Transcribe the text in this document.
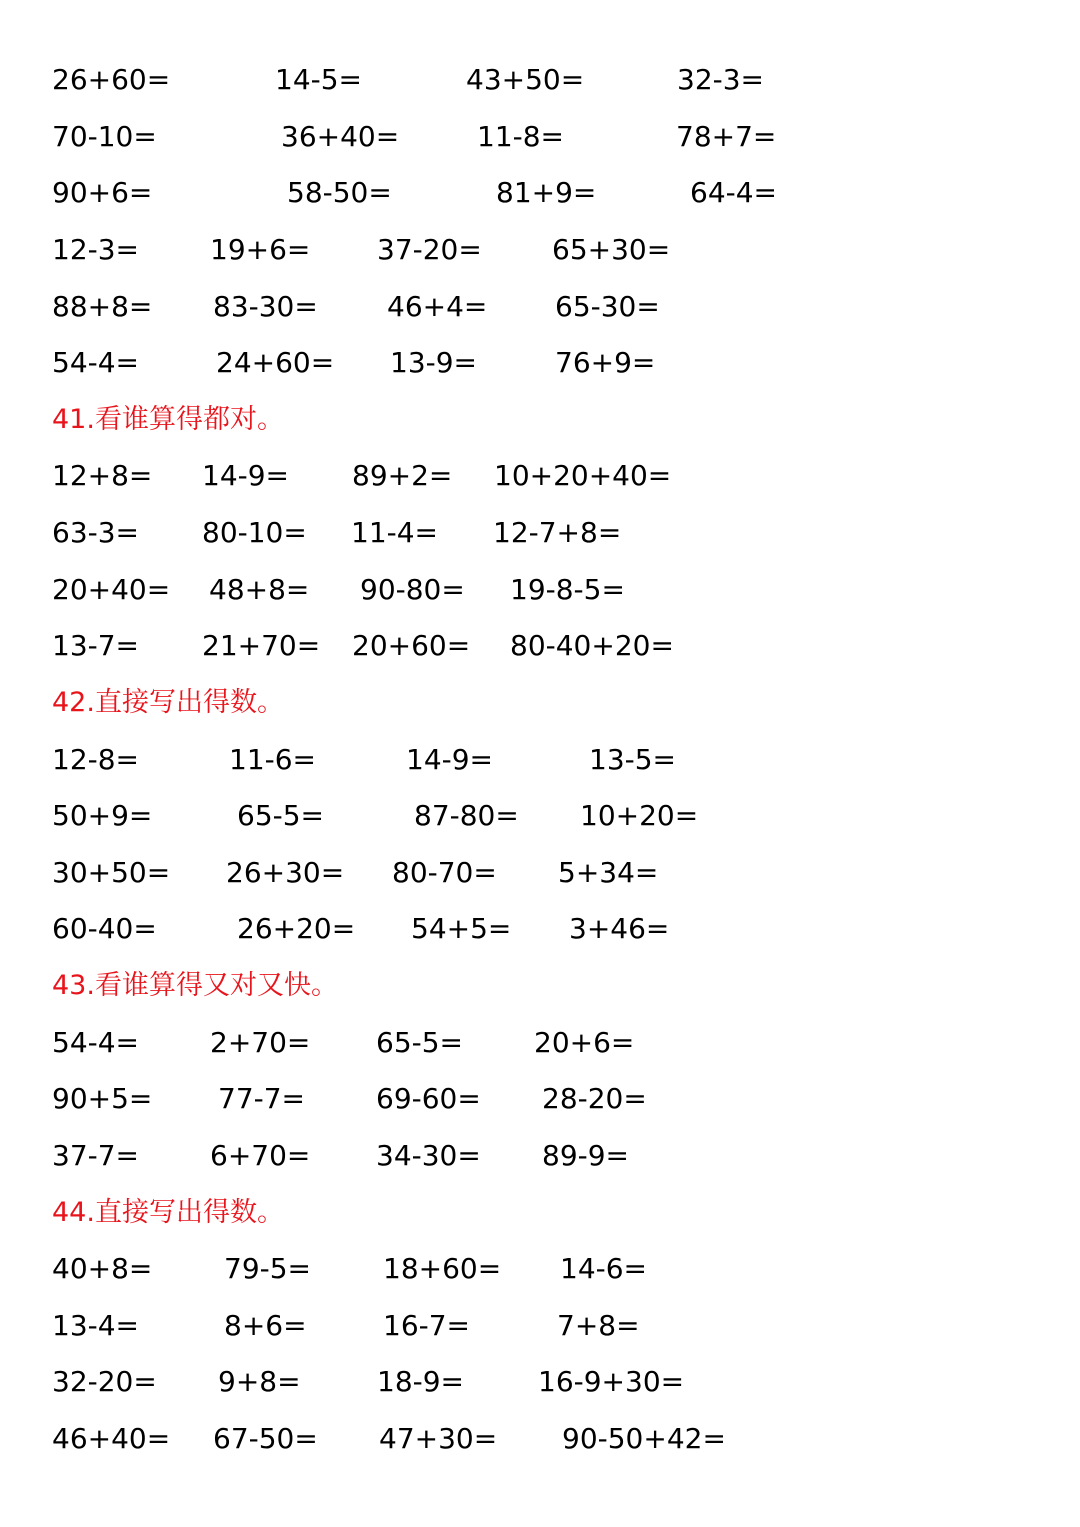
26+60=	14-5=	43+50=	32-3=
70-10=	36+40=	11-8=	78+7=
90+6=	58-50=	81+9=	64-4=
12-3=	19+6= 37-20=	65+30=
88+8= 83-30= 46+4= 65-30=
54-4=	24+60= 13-9=	76+9=
41.看谁算得都对。
12+8= 14-9= 89+2= 10+20+40=
63-3= 80-10= 11-4= 12-7+8=
20+40= 48+8= 90-80= 19-8-5=
13-7= 21+70= 20+60= 80-40+20=
42.直接写出得数。
12-8=	11-6=	14-9=	13-5=
50+9=	65-5=	87-80= 10+20=
30+50= 26+30= 80-70= 5+34=
60-40=	26+20= 54+5= 3+46=
43.看谁算得又对又快。
54-4=	2+70= 65-5=	20+6=
90+5= 77-7=	69-60= 28-20=
37-7=	6+70= 34-30= 89-9=
44.直接写出得数。
40+8=	79-5=	18+60= 14-6=
13-4=	8+6=	16-7=	7+8=
32-20= 9+8=	18-9=	16-9+30=
46+40= 67-50= 47+30= 90-50+42=
